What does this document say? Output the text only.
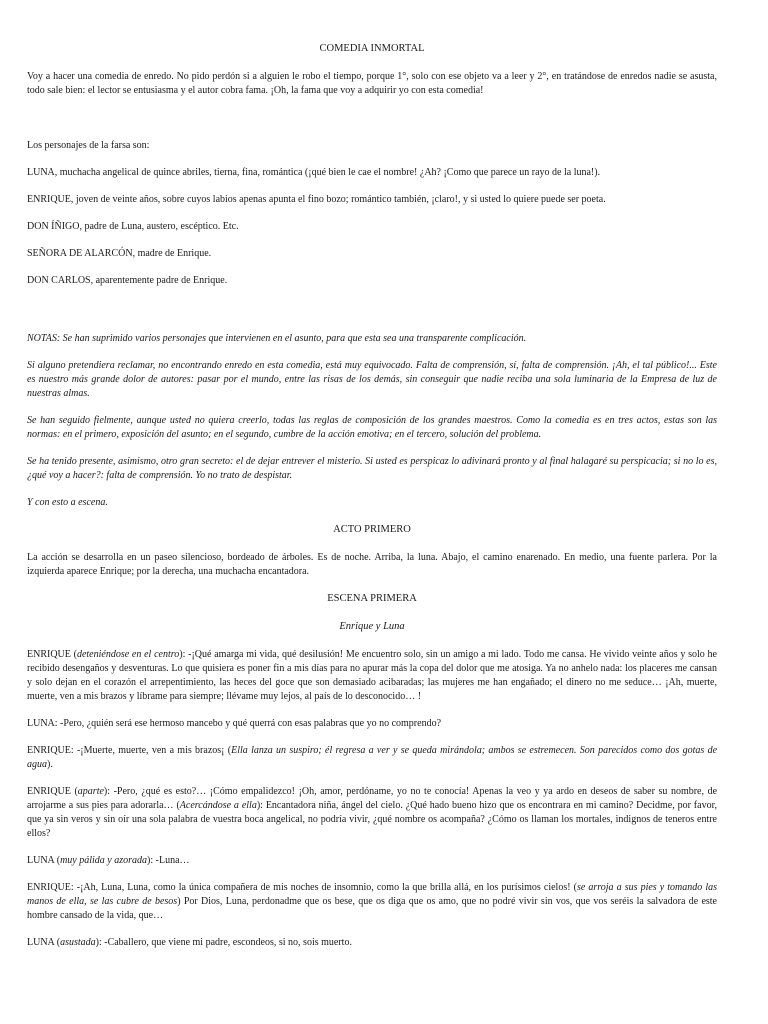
COMEDIA INMORTAL

Voy a hacer una comedia de enredo. No pido perdón si a alguien le robo el tiempo, porque 1°, solo con ese objeto va a leer y 2°, en tratándose de enredos nadie se asusta, todo sale bien: el lector se entusiasma y el autor cobra fama. ¡Oh, la fama que voy a adquirir yo con esta comedia!

Los personajes de la farsa son:

LUNA, muchacha angelical de quince abriles, tierna, fina, romántica (¡qué bien le cae el nombre! ¿Ah? ¡Como que parece un rayo de la luna!).

ENRIQUE, joven de veinte años, sobre cuyos labios apenas apunta el fino bozo; romántico también, ¡claro!, y si usted lo quiere puede ser poeta.

DON ÍÑIGO, padre de Luna, austero, escéptico. Etc.

SEÑORA DE ALARCÓN, madre de Enrique.

DON CARLOS, aparentemente padre de Enrique.

NOTAS: Se han suprimido varios personajes que intervienen en el asunto, para que esta sea una transparente complicación.

Si alguno pretendiera reclamar, no encontrando enredo en esta comedia, está muy equivocado. Falta de comprensión, sí, falta de comprensión. ¡Ah, el tal público!... Este es nuestro más grande dolor de autores: pasar por el mundo, entre las risas de los demás, sin conseguir que nadie reciba una sola luminaria de la Empresa de luz de nuestras almas.

Se han seguido fielmente, aunque usted no quiera creerlo, todas las reglas de composición de los grandes maestros. Como la comedia es en tres actos, estas son las normas: en el primero, exposición del asunto; en el segundo, cumbre de la acción emotiva; en el tercero, solución del problema.

Se ha tenido presente, asimismo, otro gran secreto: el de dejar entrever el misterio. Si usted es perspicaz lo adivinará pronto y al final halagaré su perspicacia; si no lo es, ¿qué voy a hacer?: falta de comprensión. Yo no trato de despistar.

Y con esto a escena.

ACTO PRIMERO

La acción se desarrolla en un paseo silencioso, bordeado de árboles. Es de noche. Arriba, la luna. Abajo, el camino enarenado. En medio, una fuente parlera. Por la izquierda aparece Enrique; por la derecha, una muchacha encantadora.

ESCENA PRIMERA
Enrique y Luna

ENRIQUE (deteniéndose en el centro): -¡Qué amarga mi vida, qué desilusión! Me encuentro solo, sin un amigo a mi lado. Todo me cansa. He vivido veinte años y solo he recibido desengaños y desventuras. Lo que quisiera es poner fin a mis días para no apurar más la copa del dolor que me atosiga. Ya no anhelo nada: los placeres me cansan y solo dejan en el corazón el arrepentimiento, las heces del goce que son demasiado acibaradas; las mujeres me han engañado; el dinero no me seduce… ¡Ah, muerte, muerte, ven a mis brazos y líbrame para siempre; llévame muy lejos, al país de lo desconocido… !

LUNA: -Pero, ¿quién será ese hermoso mancebo y qué querrá con esas palabras que yo no comprendo?

ENRIQUE: -¡Muerte, muerte, ven a mis brazos¡ (Ella lanza un suspiro; él regresa a ver y se queda mirándola; ambos se estremecen. Son parecidos como dos gotas de agua).

ENRIQUE (aparte): -Pero, ¿qué es esto?… ¡Cómo empalidezco! ¡Oh, amor, perdóname, yo no te conocía! Apenas la veo y ya ardo en deseos de saber su nombre, de arrojarme a sus pies para adorarla… (Acercándose a ella): Encantadora niña, ángel del cielo. ¿Qué hado bueno hizo que os encontrara en mi camino? Decidme, por favor, que ya sin veros y sin oír una sola palabra de vuestra boca angelical, no podría vivir, ¿qué nombre os acompaña? ¿Cómo os llaman los mortales, indignos de teneros entre ellos?

LUNA (muy pálida y azorada): -Luna…

ENRIQUE: -¡Ah, Luna, Luna, como la única compañera de mis noches de insomnio, como la que brilla allá, en los purísimos cielos! (se arroja a sus pies y tomando las manos de ella, se las cubre de besos) Por Dios, Luna, perdonadme que os bese, que os diga que os amo, que no podré vivir sin vos, que vos seréis la salvadora de este hombre cansado de la vida, que…

LUNA (asustada): -Caballero, que viene mi padre, escondeos, si no, sois muerto.
